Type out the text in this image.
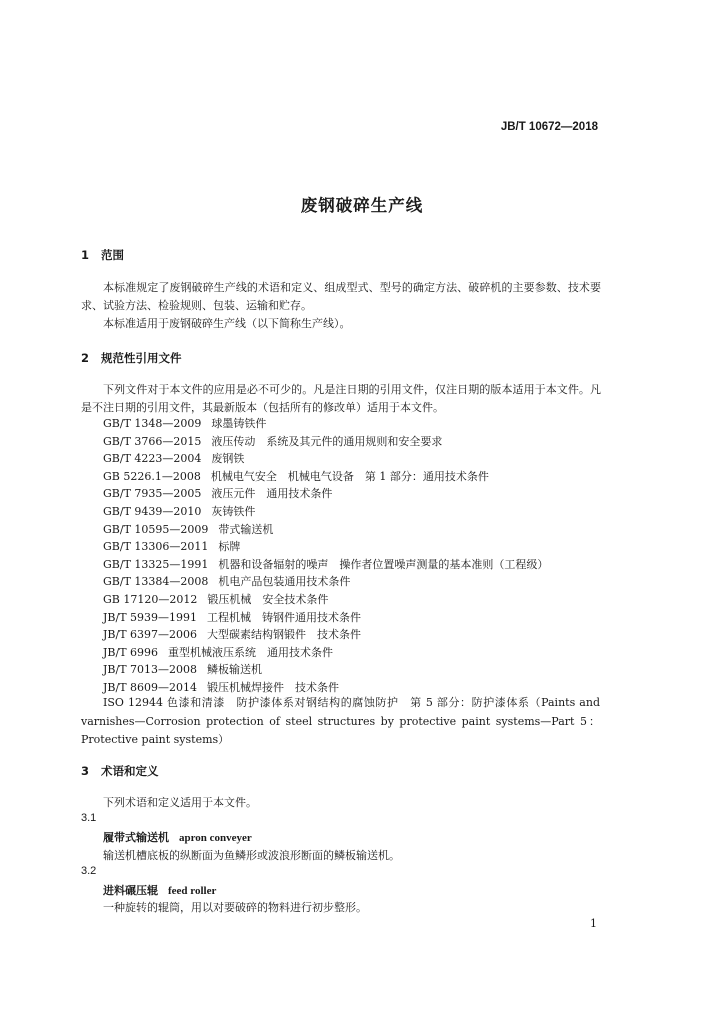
JB/T 10672—2018
废钢破碎生产线
1 范围
本标准规定了废钢破碎生产线的术语和定义、组成型式、型号的确定方法、破碎机的主要参数、技术要求、试验方法、检验规则、包装、运输和贮存。
本标准适用于废钢破碎生产线（以下简称生产线）。
2 规范性引用文件
下列文件对于本文件的应用是必不可少的。凡是注日期的引用文件，仅注日期的版本适用于本文件。凡是不注日期的引用文件，其最新版本（包括所有的修改单）适用于本文件。
GB/T 1348—2009 球墨铸铁件
GB/T 3766—2015 液压传动　系统及其元件的通用规则和安全要求
GB/T 4223—2004 废钢铁
GB 5226.1—2008 机械电气安全　机械电气设备　第 1 部分：通用技术条件
GB/T 7935—2005 液压元件　通用技术条件
GB/T 9439—2010 灰铸铁件
GB/T 10595—2009 带式输送机
GB/T 13306—2011 标牌
GB/T 13325—1991 机器和设备辐射的噪声　操作者位置噪声测量的基本准则（工程级）
GB/T 13384—2008 机电产品包装通用技术条件
GB 17120—2012 锻压机械　安全技术条件
JB/T 5939—1991 工程机械　铸钢件通用技术条件
JB/T 6397—2006 大型碳素结构钢锻件　技术条件
JB/T 6996 重型机械液压系统　通用技术条件
JB/T 7013—2008 鳞板输送机
JB/T 8609—2014 锻压机械焊接件　技术条件
ISO 12944 色漆和清漆　防护漆体系对钢结构的腐蚀防护　第 5 部分：防护漆体系（Paints and varnishes—Corrosion protection of steel structures by protective paint systems—Part 5：Protective paint systems）
3 术语和定义
下列术语和定义适用于本文件。
3.1
履带式输送机 apron conveyer
输送机槽底板的纵断面为鱼鳞形或波浪形断面的鳞板输送机。
3.2
进料碾压辊 feed roller
一种旋转的辊筒，用以对要破碎的物料进行初步整形。
1
